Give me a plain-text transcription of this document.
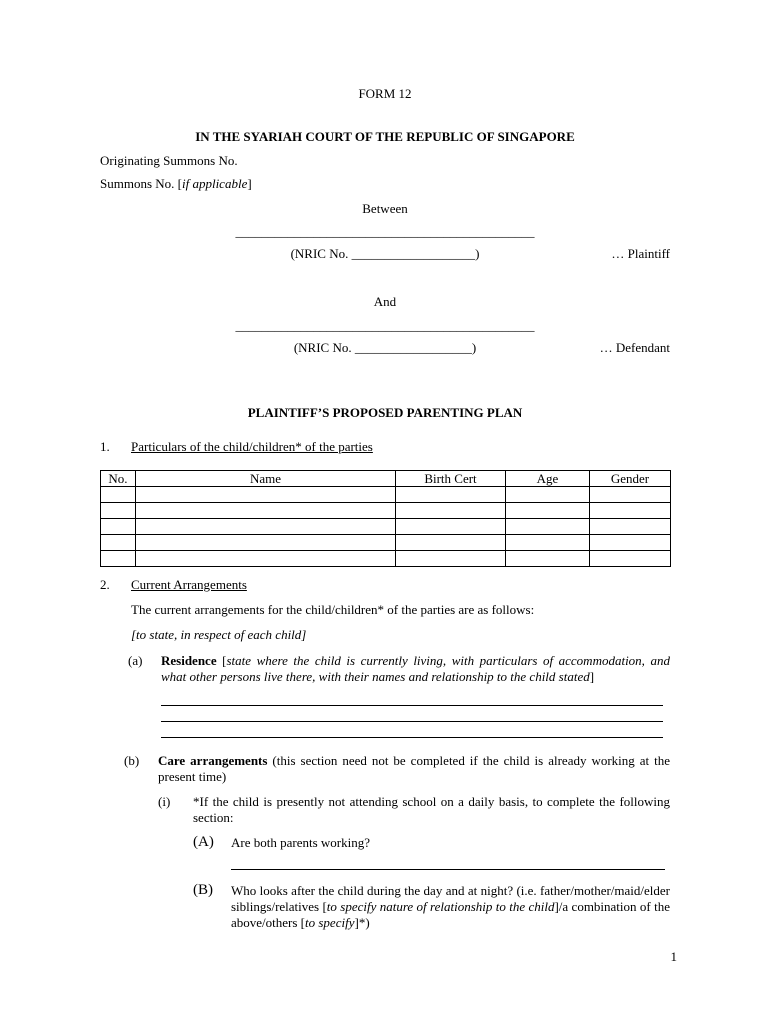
FORM 12
IN THE SYARIAH COURT OF THE REPUBLIC OF SINGAPORE
Originating Summons No.
Summons No. [if applicable]
Between
______________________________________________
(NRIC No. ___________________)	… Plaintiff
And
______________________________________________
(NRIC No. __________________)	… Defendant
PLAINTIFF’S PROPOSED PARENTING PLAN
1. Particulars of the child/children* of the parties
No.	Name	Birth Cert	Age	Gender

2. Current Arrangements
The current arrangements for the child/children* of the parties are as follows:
[to state, in respect of each child]
(a) Residence [state where the child is currently living, with particulars of accommodation, and what other persons live there, with their names and relationship to the child stated]
(b) Care arrangements (this section need not be completed if the child is already working at the present time)
(i) *If the child is presently not attending school on a daily basis, to complete the following section:
(A) Are both parents working?
(B) Who looks after the child during the day and at night? (i.e. father/mother/maid/elder siblings/relatives [to specify nature of relationship to the child]/a combination of the above/others [to specify]*)
1
